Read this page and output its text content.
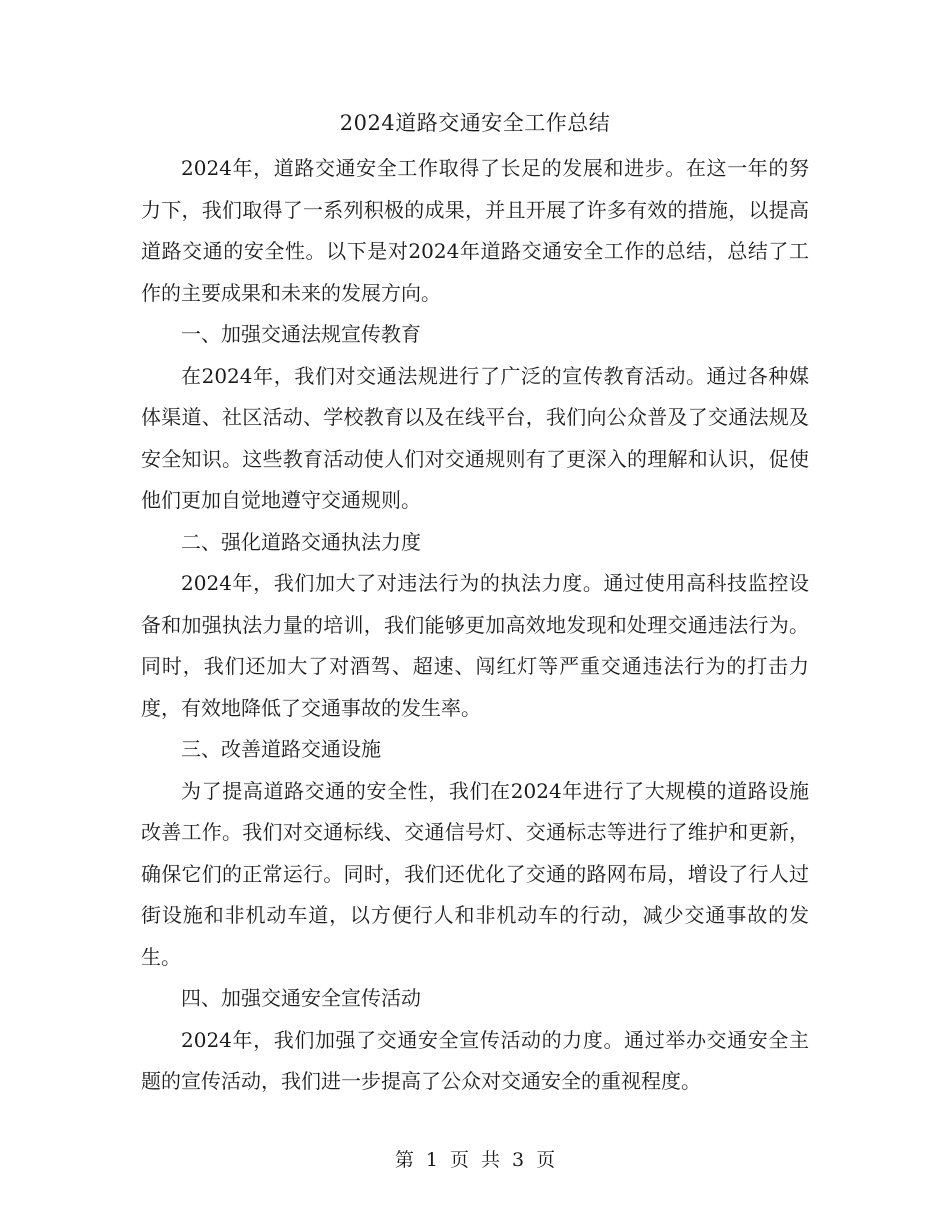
2024道路交通安全工作总结

2024年，道路交通安全工作取得了长足的发展和进步。在这一年的努力下，我们取得了一系列积极的成果，并且开展了许多有效的措施，以提高道路交通的安全性。以下是对2024年道路交通安全工作的总结，总结了工作的主要成果和未来的发展方向。

一、加强交通法规宣传教育

在2024年，我们对交通法规进行了广泛的宣传教育活动。通过各种媒体渠道、社区活动、学校教育以及在线平台，我们向公众普及了交通法规及安全知识。这些教育活动使人们对交通规则有了更深入的理解和认识，促使他们更加自觉地遵守交通规则。

二、强化道路交通执法力度

2024年，我们加大了对违法行为的执法力度。通过使用高科技监控设备和加强执法力量的培训，我们能够更加高效地发现和处理交通违法行为。同时，我们还加大了对酒驾、超速、闯红灯等严重交通违法行为的打击力度，有效地降低了交通事故的发生率。

三、改善道路交通设施

为了提高道路交通的安全性，我们在2024年进行了大规模的道路设施改善工作。我们对交通标线、交通信号灯、交通标志等进行了维护和更新，确保它们的正常运行。同时，我们还优化了交通的路网布局，增设了行人过街设施和非机动车道，以方便行人和非机动车的行动，减少交通事故的发生。

四、加强交通安全宣传活动

2024年，我们加强了交通安全宣传活动的力度。通过举办交通安全主题的宣传活动，我们进一步提高了公众对交通安全的重视程度。

第 1 页 共 3 页
